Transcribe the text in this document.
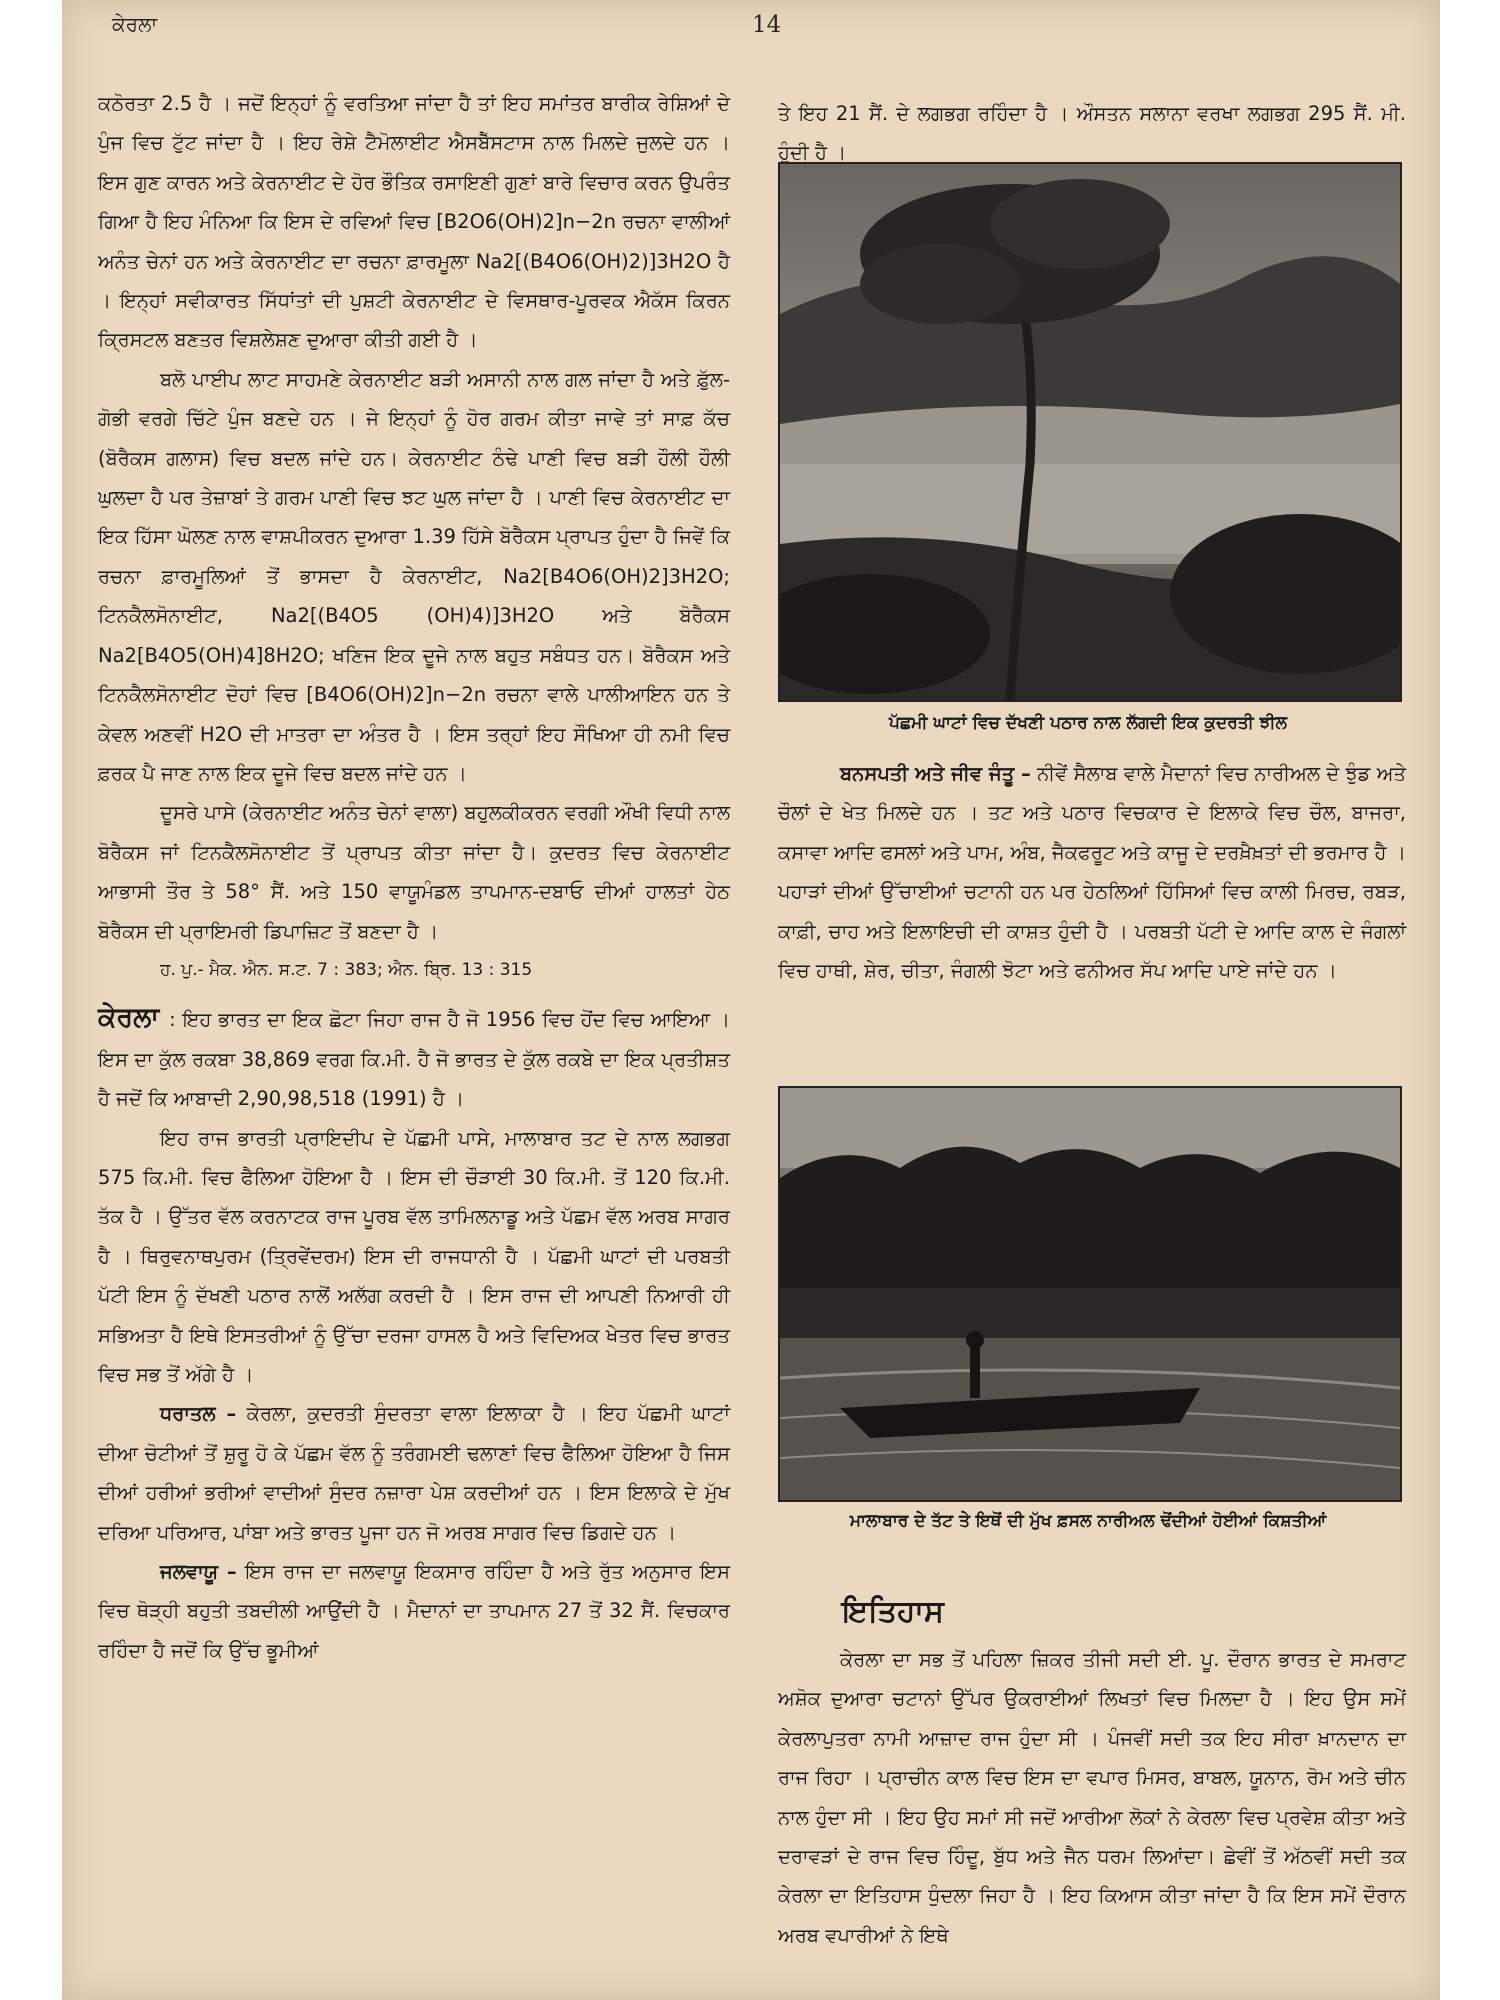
ਕੇਰਲਾ	14

ਕਠੋਰਤਾ 2.5 ਹੈ । ਜਦੋਂ ਇਨ੍ਹਾਂ ਨੂੰ ਵਰਤਿਆ ਜਾਂਦਾ ਹੈ ਤਾਂ ਇਹ ਸਮਾਂਤਰ ਬਾਰੀਕ ਰੇਸ਼ਿਆਂ ਦੇ ਪੁੰਜ ਵਿਚ ਟੁੱਟ ਜਾਂਦਾ ਹੈ । ਇਹ ਰੇਸ਼ੇ ਟੈਮੋਲਾਈਟ ਐਸਬੈੱਸਟਾਸ ਨਾਲ ਮਿਲਦੇ ਜੁਲਦੇ ਹਨ । ਇਸ ਗੁਣ ਕਾਰਨ ਅਤੇ ਕੇਰਨਾਈਟ ਦੇ ਹੋਰ ਭੌਤਿਕ ਰਸਾਇਣੀ ਗੁਣਾਂ ਬਾਰੇ ਵਿਚਾਰ ਕਰਨ ਉਪਰੰਤ ਗਿਆ ਹੈ ਇਹ ਮੰਨਿਆ ਕਿ ਇਸ ਦੇ ਰਵਿਆਂ ਵਿਚ [B2O6(OH)2]n−2n ਰਚਨਾ ਵਾਲੀਆਂ ਅਨੰਤ ਚੇਨਾਂ ਹਨ ਅਤੇ ਕੇਰਨਾਈਟ ਦਾ ਰਚਨਾ ਫ਼ਾਰਮੂਲਾ Na2[(B4O6(OH)2)]3H2O ਹੈ । ਇਨ੍ਹਾਂ ਸਵੀਕਾਰਤ ਸਿੱਧਾਂਤਾਂ ਦੀ ਪੁਸ਼ਟੀ ਕੇਰਨਾਈਟ ਦੇ ਵਿਸਥਾਰ-ਪੂਰਵਕ ਐਕੱਸ ਕਿਰਨ ਕ੍ਰਿਸਟਲ ਬਣਤਰ ਵਿਸ਼ਲੇਸ਼ਣ ਦੁਆਰਾ ਕੀਤੀ ਗਈ ਹੈ ।

ਬਲੋ ਪਾਈਪ ਲਾਟ ਸਾਹਮਣੇ ਕੇਰਨਾਈਟ ਬੜੀ ਅਸਾਨੀ ਨਾਲ ਗਲ ਜਾਂਦਾ ਹੈ ਅਤੇ ਫ਼ੁੱਲ-ਗੋਭੀ ਵਰਗੇ ਚਿੱਟੇ ਪੁੰਜ ਬਣਦੇ ਹਨ । ਜੇ ਇਨ੍ਹਾਂ ਨੂੰ ਹੋਰ ਗਰਮ ਕੀਤਾ ਜਾਵੇ ਤਾਂ ਸਾਫ਼ ਕੱਚ (ਬੋਰੈਕਸ ਗਲਾਸ) ਵਿਚ ਬਦਲ ਜਾਂਦੇ ਹਨ। ਕੇਰਨਾਈਟ ਠੰਢੇ ਪਾਣੀ ਵਿਚ ਬੜੀ ਹੌਲੀ ਹੌਲੀ ਘੁਲਦਾ ਹੈ ਪਰ ਤੇਜ਼ਾਬਾਂ ਤੇ ਗਰਮ ਪਾਣੀ ਵਿਚ ਝਟ ਘੁਲ ਜਾਂਦਾ ਹੈ । ਪਾਣੀ ਵਿਚ ਕੇਰਨਾਈਟ ਦਾ ਇਕ ਹਿੱਸਾ ਘੋਲਣ ਨਾਲ ਵਾਸ਼ਪੀਕਰਨ ਦੁਆਰਾ 1.39 ਹਿੱਸੇ ਬੋਰੈਕਸ ਪ੍ਰਾਪਤ ਹੁੰਦਾ ਹੈ ਜਿਵੇਂ ਕਿ ਰਚਨਾ ਫ਼ਾਰਮੂਲਿਆਂ ਤੋਂ ਭਾਸਦਾ ਹੈ ਕੇਰਨਾਈਟ, Na2[B4O6(OH)2]3H2O; ਟਿਨਕੈਲਸੋਨਾਈਟ, Na2[(B4O5 (OH)4)]3H2O ਅਤੇ ਬੋਰੈਕਸ Na2[B4O5(OH)4]8H2O; ਖਣਿਜ ਇਕ ਦੂਜੇ ਨਾਲ ਬਹੁਤ ਸਬੰਧਤ ਹਨ। ਬੋਰੈਕਸ ਅਤੇ ਟਿਨਕੈਲਸੋਨਾਈਟ ਦੋਹਾਂ ਵਿਚ [B4O6(OH)2]n−2n ਰਚਨਾ ਵਾਲੇ ਪਾਲੀਆਇਨ ਹਨ ਤੇ ਕੇਵਲ ਅਣਵੀਂ H2O ਦੀ ਮਾਤਰਾ ਦਾ ਅੰਤਰ ਹੈ । ਇਸ ਤਰ੍ਹਾਂ ਇਹ ਸੌਖਿਆ ਹੀ ਨਮੀ ਵਿਚ ਫ਼ਰਕ ਪੈ ਜਾਣ ਨਾਲ ਇਕ ਦੂਜੇ ਵਿਚ ਬਦਲ ਜਾਂਦੇ ਹਨ ।

ਦੂਸਰੇ ਪਾਸੇ (ਕੇਰਨਾਈਟ ਅਨੰਤ ਚੇਨਾਂ ਵਾਲਾ) ਬਹੁਲਕੀਕਰਨ ਵਰਗੀ ਔਖੀ ਵਿਧੀ ਨਾਲ ਬੋਰੈਕਸ ਜਾਂ ਟਿਨਕੈਲਸੋਨਾਈਟ ਤੋਂ ਪ੍ਰਾਪਤ ਕੀਤਾ ਜਾਂਦਾ ਹੈ। ਕੁਦਰਤ ਵਿਚ ਕੇਰਨਾਈਟ ਆਭਾਸੀ ਤੌਰ ਤੇ 58° ਸੈਂ. ਅਤੇ 150 ਵਾਯੂਮੰਡਲ ਤਾਪਮਾਨ-ਦਬਾਓ ਦੀਆਂ ਹਾਲਤਾਂ ਹੇਠ ਬੋਰੈਕਸ ਦੀ ਪ੍ਰਾਇਮਰੀ ਡਿਪਾਜ਼ਿਟ ਤੋਂ ਬਣਦਾ ਹੈ ।

ਹ. ਪੁ.- ਮੈਕ. ਐਨ. ਸ.ਟ. 7 : 383; ਐਨ. ਬ੍ਰਿ. 13 : 315

ਕੇਰਲਾ : ਇਹ ਭਾਰਤ ਦਾ ਇਕ ਛੋਟਾ ਜਿਹਾ ਰਾਜ ਹੈ ਜੋ 1956 ਵਿਚ ਹੋਂਦ ਵਿਚ ਆਇਆ । ਇਸ ਦਾ ਕੁੱਲ ਰਕਬਾ 38,869 ਵਰਗ ਕਿ.ਮੀ. ਹੈ ਜੋ ਭਾਰਤ ਦੇ ਕੁੱਲ ਰਕਬੇ ਦਾ ਇਕ ਪ੍ਰਤੀਸ਼ਤ ਹੈ ਜਦੋਂ ਕਿ ਆਬਾਦੀ 2,90,98,518 (1991) ਹੈ ।

ਇਹ ਰਾਜ ਭਾਰਤੀ ਪ੍ਰਾਇਦੀਪ ਦੇ ਪੱਛਮੀ ਪਾਸੇ, ਮਾਲਾਬਾਰ ਤਟ ਦੇ ਨਾਲ ਲਗਭਗ 575 ਕਿ.ਮੀ. ਵਿਚ ਫੈਲਿਆ ਹੋਇਆ ਹੈ । ਇਸ ਦੀ ਚੌੜਾਈ 30 ਕਿ.ਮੀ. ਤੋਂ 120 ਕਿ.ਮੀ. ਤੱਕ ਹੈ । ਉੱਤਰ ਵੱਲ ਕਰਨਾਟਕ ਰਾਜ ਪੂਰਬ ਵੱਲ ਤਾਮਿਲਨਾਡੂ ਅਤੇ ਪੱਛਮ ਵੱਲ ਅਰਬ ਸਾਗਰ ਹੈ । ਥਿਰੁਵਨਾਥਪੁਰਮ (ਤ੍ਰਿਵੇਂਦਰਮ) ਇਸ ਦੀ ਰਾਜਧਾਨੀ ਹੈ । ਪੱਛਮੀ ਘਾਟਾਂ ਦੀ ਪਰਬਤੀ ਪੱਟੀ ਇਸ ਨੂੰ ਦੱਖਣੀ ਪਠਾਰ ਨਾਲੋਂ ਅਲੱਗ ਕਰਦੀ ਹੈ । ਇਸ ਰਾਜ ਦੀ ਆਪਣੀ ਨਿਆਰੀ ਹੀ ਸਭਿਅਤਾ ਹੈ ਇਥੇ ਇਸਤਰੀਆਂ ਨੂੰ ਉੱਚਾ ਦਰਜਾ ਹਾਸਲ ਹੈ ਅਤੇ ਵਿਦਿਅਕ ਖੇਤਰ ਵਿਚ ਭਾਰਤ ਵਿਚ ਸਭ ਤੋਂ ਅੱਗੇ ਹੈ ।

ਧਰਾਤਲ – ਕੇਰਲਾ, ਕੁਦਰਤੀ ਸੁੰਦਰਤਾ ਵਾਲਾ ਇਲਾਕਾ ਹੈ । ਇਹ ਪੱਛਮੀ ਘਾਟਾਂ ਦੀਆ ਚੋਟੀਆਂ ਤੋਂ ਸ਼ੁਰੂ ਹੋ ਕੇ ਪੱਛਮ ਵੱਲ ਨੂੰ ਤਰੰਗਮਈ ਢਲਾਣਾਂ ਵਿਚ ਫੈਲਿਆ ਹੋਇਆ ਹੈ ਜਿਸ ਦੀਆਂ ਹਰੀਆਂ ਭਰੀਆਂ ਵਾਦੀਆਂ ਸੁੰਦਰ ਨਜ਼ਾਰਾ ਪੇਸ਼ ਕਰਦੀਆਂ ਹਨ । ਇਸ ਇਲਾਕੇ ਦੇ ਮੁੱਖ ਦਰਿਆ ਪਰਿਆਰ, ਪਾਂਬਾ ਅਤੇ ਭਾਰਤ ਪੂਜਾ ਹਨ ਜੋ ਅਰਬ ਸਾਗਰ ਵਿਚ ਡਿਗਦੇ ਹਨ ।

ਜਲਵਾਯੂ – ਇਸ ਰਾਜ ਦਾ ਜਲਵਾਯੂ ਇਕਸਾਰ ਰਹਿੰਦਾ ਹੈ ਅਤੇ ਰੁੱਤ ਅਨੁਸਾਰ ਇਸ ਵਿਚ ਥੋੜ੍ਹੀ ਬਹੁਤੀ ਤਬਦੀਲੀ ਆਉਂਦੀ ਹੈ । ਮੈਦਾਨਾਂ ਦਾ ਤਾਪਮਾਨ 27 ਤੋਂ 32 ਸੈਂ. ਵਿਚਕਾਰ ਰਹਿੰਦਾ ਹੈ ਜਦੋਂ ਕਿ ਉੱਚ ਭੂਮੀਆਂ

ਤੇ ਇਹ 21 ਸੈਂ. ਦੇ ਲਗਭਗ ਰਹਿੰਦਾ ਹੈ । ਔਸਤਨ ਸਲਾਨਾ ਵਰਖਾ ਲਗਭਗ 295 ਸੈਂ. ਮੀ. ਹੁੰਦੀ ਹੈ ।

ਪੱਛਮੀ ਘਾਟਾਂ ਵਿਚ ਦੱਖਣੀ ਪਠਾਰ ਨਾਲ ਲੱਗਦੀ ਇਕ ਕੁਦਰਤੀ ਝੀਲ

ਬਨਸਪਤੀ ਅਤੇ ਜੀਵ ਜੰਤੂ – ਨੀਵੇਂ ਸੈਲਾਬ ਵਾਲੇ ਮੈਦਾਨਾਂ ਵਿਚ ਨਾਰੀਅਲ ਦੇ ਝੁੰਡ ਅਤੇ ਚੌਲਾਂ ਦੇ ਖੇਤ ਮਿਲਦੇ ਹਨ । ਤਟ ਅਤੇ ਪਠਾਰ ਵਿਚਕਾਰ ਦੇ ਇਲਾਕੇ ਵਿਚ ਚੌਲ, ਬਾਜਰਾ, ਕਸਾਵਾ ਆਦਿ ਫਸਲਾਂ ਅਤੇ ਪਾਮ, ਅੰਬ, ਜੈਕਫਰੂਟ ਅਤੇ ਕਾਜੂ ਦੇ ਦਰਖ਼ੈਖ਼ਤਾਂ ਦੀ ਭਰਮਾਰ ਹੈ । ਪਹਾੜਾਂ ਦੀਆਂ ਉੱਚਾਈਆਂ ਚਟਾਨੀ ਹਨ ਪਰ ਹੇਠਲਿਆਂ ਹਿੱਸਿਆਂ ਵਿਚ ਕਾਲੀ ਮਿਰਚ, ਰਬੜ, ਕਾਫ਼ੀ, ਚਾਹ ਅਤੇ ਇਲਾਇਚੀ ਦੀ ਕਾਸ਼ਤ ਹੁੰਦੀ ਹੈ । ਪਰਬਤੀ ਪੱਟੀ ਦੇ ਆਦਿ ਕਾਲ ਦੇ ਜੰਗਲਾਂ ਵਿਚ ਹਾਥੀ, ਸ਼ੇਰ, ਚੀਤਾ, ਜੰਗਲੀ ਝੋਟਾ ਅਤੇ ਫਨੀਅਰ ਸੱਪ ਆਦਿ ਪਾਏ ਜਾਂਦੇ ਹਨ ।

ਮਾਲਾਬਾਰ ਦੇ ਤੱਟ ਤੇ ਇਥੋਂ ਦੀ ਮੁੱਖ ਫ਼ਸਲ ਨਾਰੀਅਲ ਢੋਂਦੀਆਂ ਹੋਈਆਂ ਕਿਸ਼ਤੀਆਂ
ਇਤਿਹਾਸ

ਕੇਰਲਾ ਦਾ ਸਭ ਤੋਂ ਪਹਿਲਾ ਜ਼ਿਕਰ ਤੀਜੀ ਸਦੀ ਈ. ਪੂ. ਦੌਰਾਨ ਭਾਰਤ ਦੇ ਸਮਰਾਟ ਅਸ਼ੋਕ ਦੁਆਰਾ ਚਟਾਨਾਂ ਉੱਪਰ ਉਕਰਾਈਆਂ ਲਿਖਤਾਂ ਵਿਚ ਮਿਲਦਾ ਹੈ । ਇਹ ਉਸ ਸਮੇਂ ਕੇਰਲਾਪੁਤਰਾ ਨਾਮੀ ਆਜ਼ਾਦ ਰਾਜ ਹੁੰਦਾ ਸੀ । ਪੰਜਵੀਂ ਸਦੀ ਤਕ ਇਹ ਸੀਰਾ ਖ਼ਾਨਦਾਨ ਦਾ ਰਾਜ ਰਿਹਾ । ਪ੍ਰਾਚੀਨ ਕਾਲ ਵਿਚ ਇਸ ਦਾ ਵਪਾਰ ਮਿਸਰ, ਬਾਬਲ, ਯੂਨਾਨ, ਰੋਮ ਅਤੇ ਚੀਨ ਨਾਲ ਹੁੰਦਾ ਸੀ । ਇਹ ਉਹ ਸਮਾਂ ਸੀ ਜਦੋਂ ਆਰੀਆ ਲੋਕਾਂ ਨੇ ਕੇਰਲਾ ਵਿਚ ਪ੍ਰਵੇਸ਼ ਕੀਤਾ ਅਤੇ ਦਰਾਵੜਾਂ ਦੇ ਰਾਜ ਵਿਚ ਹਿੰਦੂ, ਬੁੱਧ ਅਤੇ ਜੈਨ ਧਰਮ ਲਿਆਂਦਾ। ਛੇਵੀਂ ਤੋਂ ਅੱਠਵੀਂ ਸਦੀ ਤਕ ਕੇਰਲਾ ਦਾ ਇਤਿਹਾਸ ਧੁੰਦਲਾ ਜਿਹਾ ਹੈ । ਇਹ ਕਿਆਸ ਕੀਤਾ ਜਾਂਦਾ ਹੈ ਕਿ ਇਸ ਸਮੇਂ ਦੌਰਾਨ ਅਰਬ ਵਪਾਰੀਆਂ ਨੇ ਇਥੇ
